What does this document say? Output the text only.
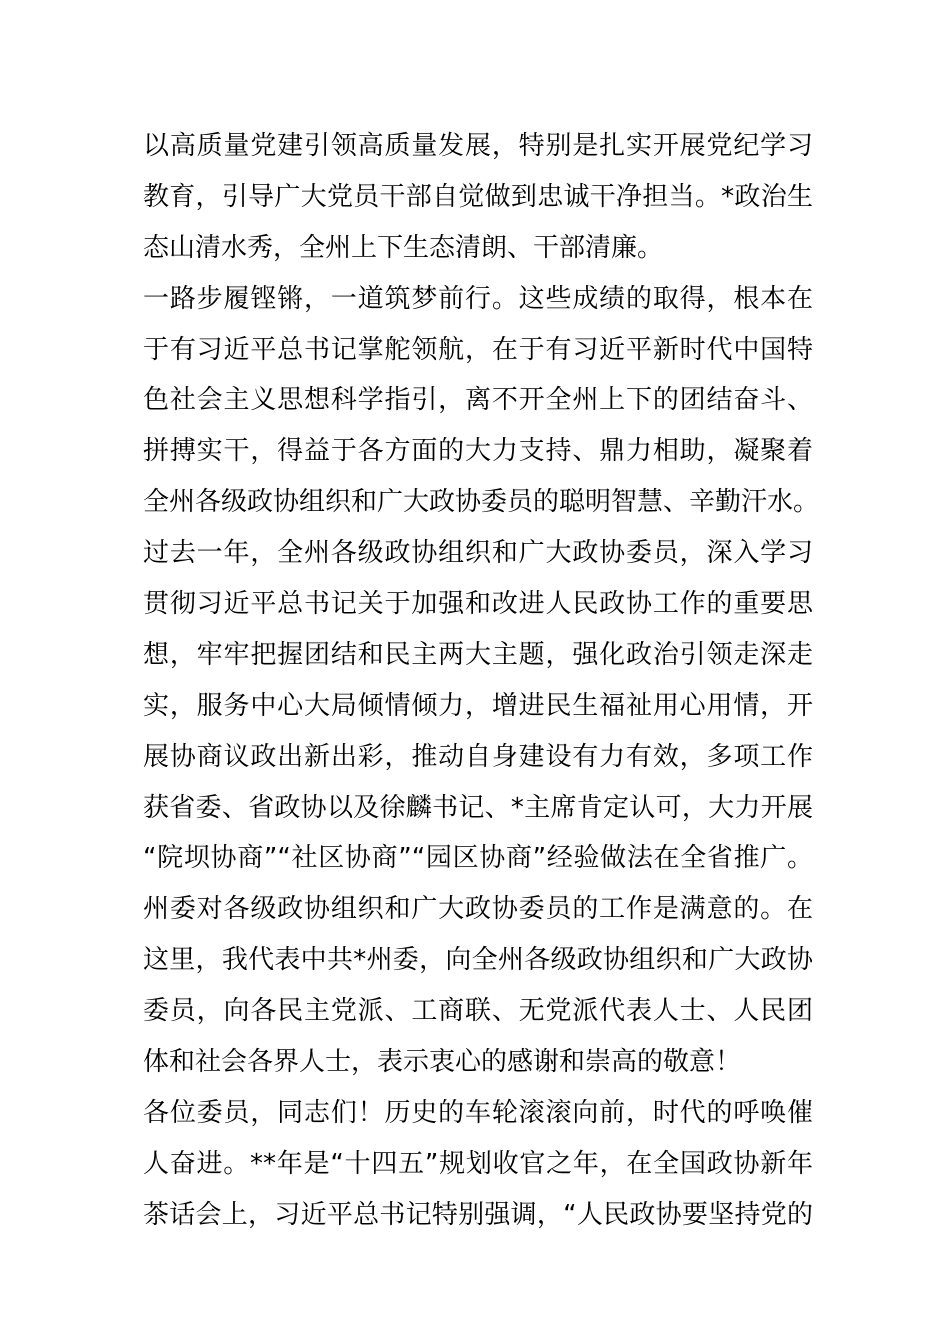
以高质量党建引领高质量发展，特别是扎实开展党纪学习
教育，引导广大党员干部自觉做到忠诚干净担当。*政治生
态山清水秀，全州上下生态清朗、干部清廉。
一路步履铿锵，一道筑梦前行。这些成绩的取得，根本在
于有习近平总书记掌舵领航，在于有习近平新时代中国特
色社会主义思想科学指引，离不开全州上下的团结奋斗、
拼搏实干，得益于各方面的大力支持、鼎力相助，凝聚着
全州各级政协组织和广大政协委员的聪明智慧、辛勤汗水。
过去一年，全州各级政协组织和广大政协委员，深入学习
贯彻习近平总书记关于加强和改进人民政协工作的重要思
想，牢牢把握团结和民主两大主题，强化政治引领走深走
实，服务中心大局倾情倾力，增进民生福祉用心用情，开
展协商议政出新出彩，推动自身建设有力有效，多项工作
获省委、省政协以及徐麟书记、*主席肯定认可，大力开展
“院坝协商”“社区协商”“园区协商”经验做法在全省推广。
州委对各级政协组织和广大政协委员的工作是满意的。在
这里，我代表中共*州委，向全州各级政协组织和广大政协
委员，向各民主党派、工商联、无党派代表人士、人民团
体和社会各界人士，表示衷心的感谢和崇高的敬意！
各位委员，同志们！历史的车轮滚滚向前，时代的呼唤催
人奋进。**年是“十四五”规划收官之年，在全国政协新年
茶话会上，习近平总书记特别强调，“人民政协要坚持党的
